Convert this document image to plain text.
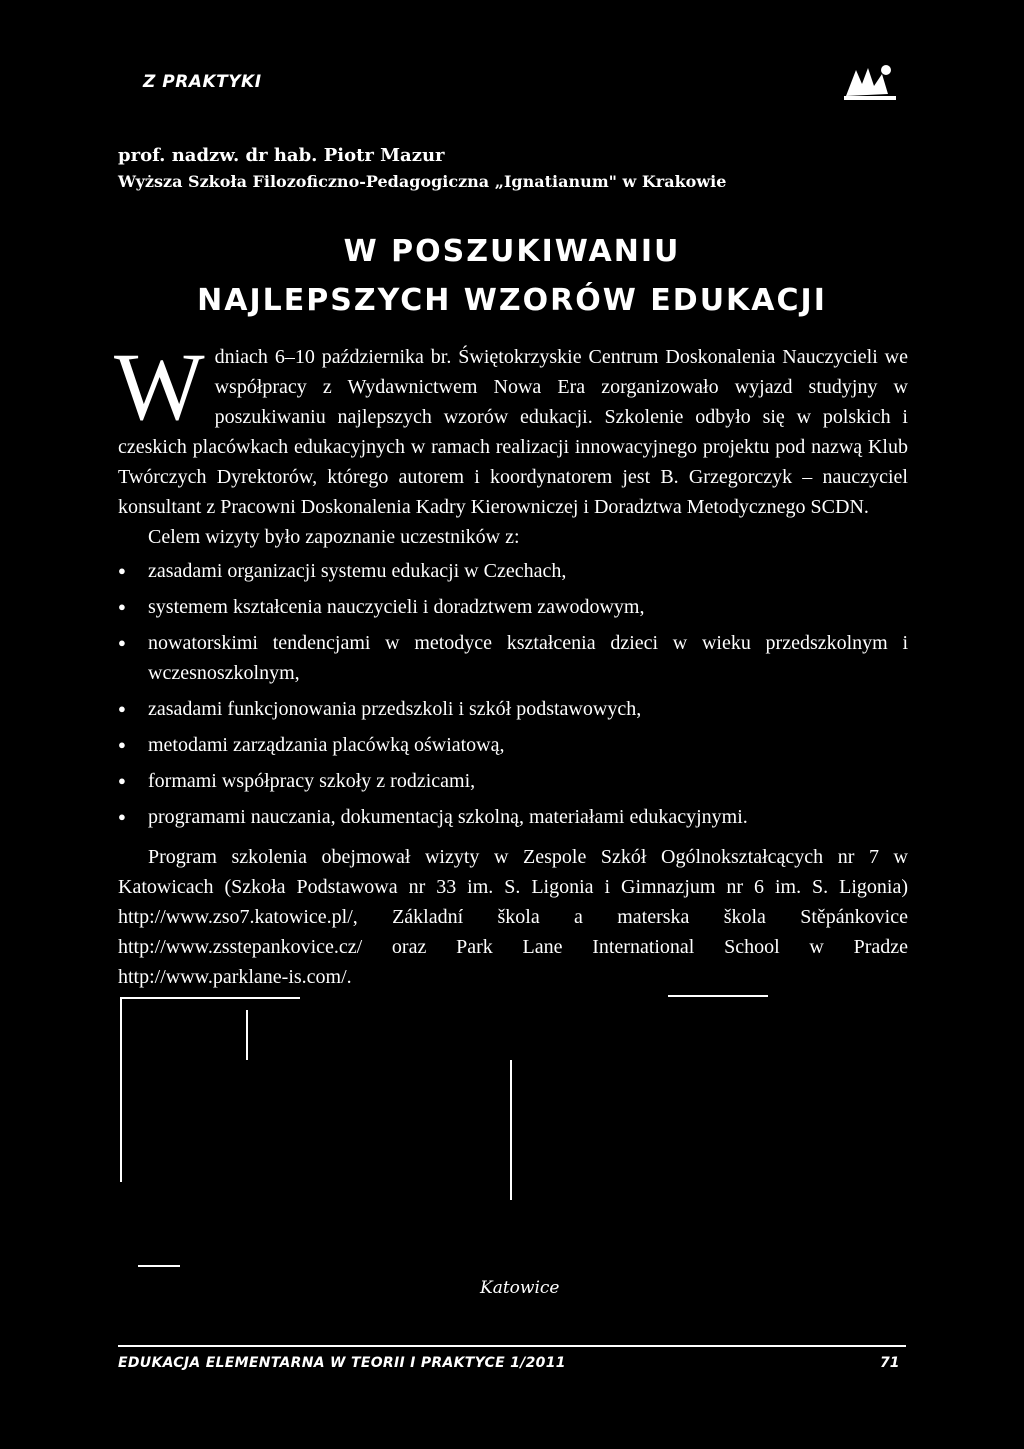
Z PRAKTYKI
prof. nadzw. dr hab. Piotr Mazur
Wyższa Szkoła Filozoficzno-Pedagogiczna „Ignatianum" w Krakowie
W POSZUKIWANIU
NAJLEPSZYCH WZORÓW EDUKACJI

W dniach 6–10 października br. Świętokrzyskie Centrum Doskonalenia Nauczycieli we współpracy z Wydawnictwem Nowa Era zorganizowało wyjazd studyjny w poszukiwaniu najlepszych wzorów edukacji. Szkolenie odbyło się w polskich i czeskich placówkach edukacyjnych w ramach realizacji innowacyjnego projektu pod nazwą Klub Twórczych Dyrektorów, którego autorem i koordynatorem jest B. Grzegorczyk – nauczyciel konsultant z Pracowni Doskonalenia Kadry Kierowniczej i Doradztwa Metodycznego SCDN.

Celem wizyty było zapoznanie uczestników z:

● zasadami organizacji systemu edukacji w Czechach,
● systemem kształcenia nauczycieli i doradztwem zawodowym,
● nowatorskimi tendencjami w metodyce kształcenia dzieci w wieku przedszkolnym i wczesnoszkolnym,
● zasadami funkcjonowania przedszkoli i szkół podstawowych,
● metodami zarządzania placówką oświatową,
● formami współpracy szkoły z rodzicami,
● programami nauczania, dokumentacją szkolną, materiałami edukacyjnymi.

Program szkolenia obejmował wizyty w Zespole Szkół Ogólnokształcących nr 7 w Katowicach (Szkoła Podstawowa nr 33 im. S. Ligonia i Gimnazjum nr 6 im. S. Ligonia) http://www.zso7.katowice.pl/, Základní škola a materska škola Stěpánkovice http://www.zsstepankovice.cz/ oraz Park Lane International School w Pradze http://www.parklane-is.com/.

Katowice
EDUKACJA ELEMENTARNA W TEORII I PRAKTYCE 1/2011	71
